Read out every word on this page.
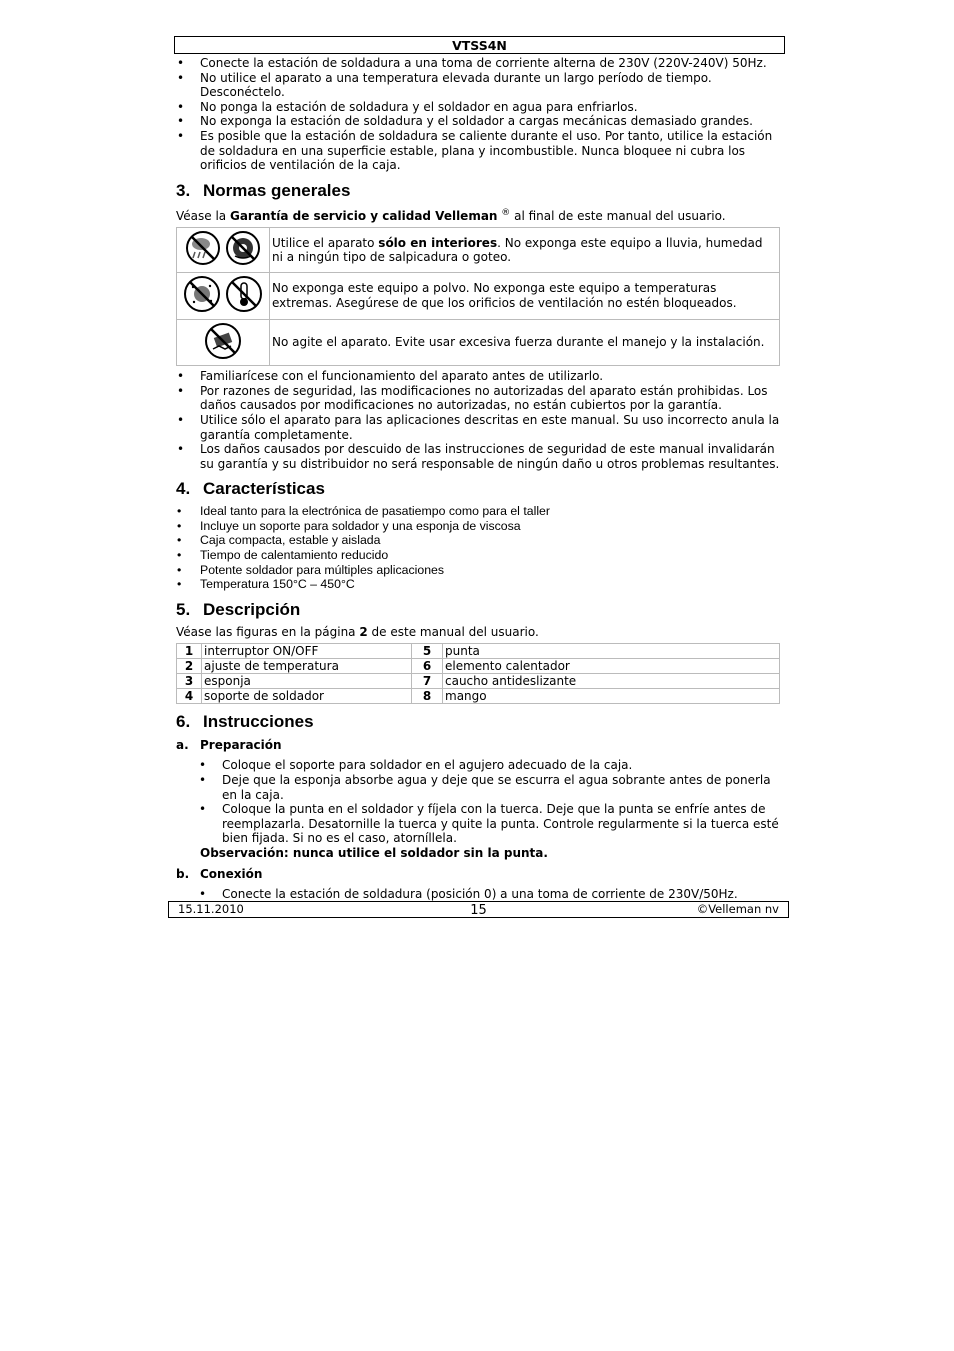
VTSS4N
• Conecte la estación de soldadura a una toma de corriente alterna de 230V (220V-240V) 50Hz.
• No utilice el aparato a una temperatura elevada durante un largo período de tiempo. Desconéctelo.
• No ponga la estación de soldadura y el soldador en agua para enfriarlos.
• No exponga la estación de soldadura y el soldador a cargas mecánicas demasiado grandes.
• Es posible que la estación de soldadura se caliente durante el uso. Por tanto, utilice la estación de soldadura en una superficie estable, plana y incombustible. Nunca bloquee ni cubra los orificios de ventilación de la caja.
3. Normas generales

Véase la Garantía de servicio y calidad Velleman ® al final de este manual del usuario.

	Utilice el aparato sólo en interiores. No exponga este equipo a lluvia, humedad ni a ningún tipo de salpicadura o goteo.
	No exponga este equipo a polvo. No exponga este equipo a temperaturas extremas. Asegúrese de que los orificios de ventilación no estén bloqueados.
	No agite el aparato. Evite usar excesiva fuerza durante el manejo y la instalación.
• Familiarícese con el funcionamiento del aparato antes de utilizarlo.
• Por razones de seguridad, las modificaciones no autorizadas del aparato están prohibidas. Los daños causados por modificaciones no autorizadas, no están cubiertos por la garantía.
• Utilice sólo el aparato para las aplicaciones descritas en este manual. Su uso incorrecto anula la garantía completamente.
• Los daños causados por descuido de las instrucciones de seguridad de este manual invalidarán su garantía y su distribuidor no será responsable de ningún daño u otros problemas resultantes.
4. Características
• Ideal tanto para la electrónica de pasatiempo como para el taller
• Incluye un soporte para soldador y una esponja de viscosa
• Caja compacta, estable y aislada
• Tiempo de calentamiento reducido
• Potente soldador para múltiples aplicaciones
• Temperatura 150°C – 450°C
5. Descripción

Véase las figuras en la página 2 de este manual del usuario.

1	interruptor ON/OFF	5	punta
2	ajuste de temperatura	6	elemento calentador
3	esponja	7	caucho antideslizante
4	soporte de soldador	8	mango
6. Instrucciones
a. Preparación
• Coloque el soporte para soldador en el agujero adecuado de la caja.
• Deje que la esponja absorbe agua y deje que se escurra el agua sobrante antes de ponerla en la caja.
• Coloque la punta en el soldador y fíjela con la tuerca. Deje que la punta se enfríe antes de reemplazarla. Desatornille la tuerca y quite la punta. Controle regularmente si la tuerca esté bien fijada. Si no es el caso, atorníllela.

Observación: nunca utilice el soldador sin la punta.

b. Conexión
• Conecte la estación de soldadura (posición 0) a una toma de corriente de 230V/50Hz.
15.11.2010	15	©Velleman nv
